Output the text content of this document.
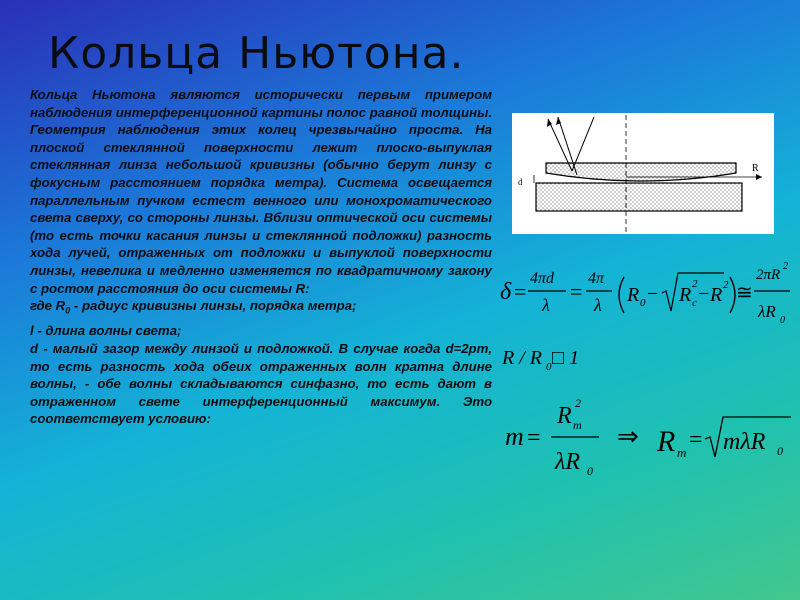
Кольца Ньютона.

Кольца Ньютона являются исторически первым примером наблюдения интерференционной картины полос равной толщины. Геометрия наблюдения этих колец чрезвычайно проста. На плоской стеклянной поверхности лежит плоско-выпуклая стеклянная линза небольшой кривизны (обычно берут линзу с фокусным расстоянием порядка метра). Система освещается параллельным пучком естест венного или монохроматического света сверху, со стороны линзы. Вблизи оптической оси системы (то есть точки касания линзы и стеклянной подложки) разность хода лучей, отраженных от подложки и выпуклой поверхности линзы, невелика и медленно изменяется по квадратичному закону с ростом расстояния до оси системы R:

где $R_0$ - радиус кривизны линзы, порядка метра;

l - длина волны света;

d - малый зазор между линзой и подложкой. В случае когда d=2pm, то есть разность хода обеих отраженных волн кратна длине волны, - обе волны складываются синфазно, то есть дают в отраженном свете интерференционный максимум. Это соответствует условию:

d
R
δ =
4πd
λ
=
4π
λ R 0 − R c
2 − R 2 ≅
2πR
2
λR 0
R / R 0 □ 1
m =
R m
2
λR 0
⇒ R m = mλR 0
